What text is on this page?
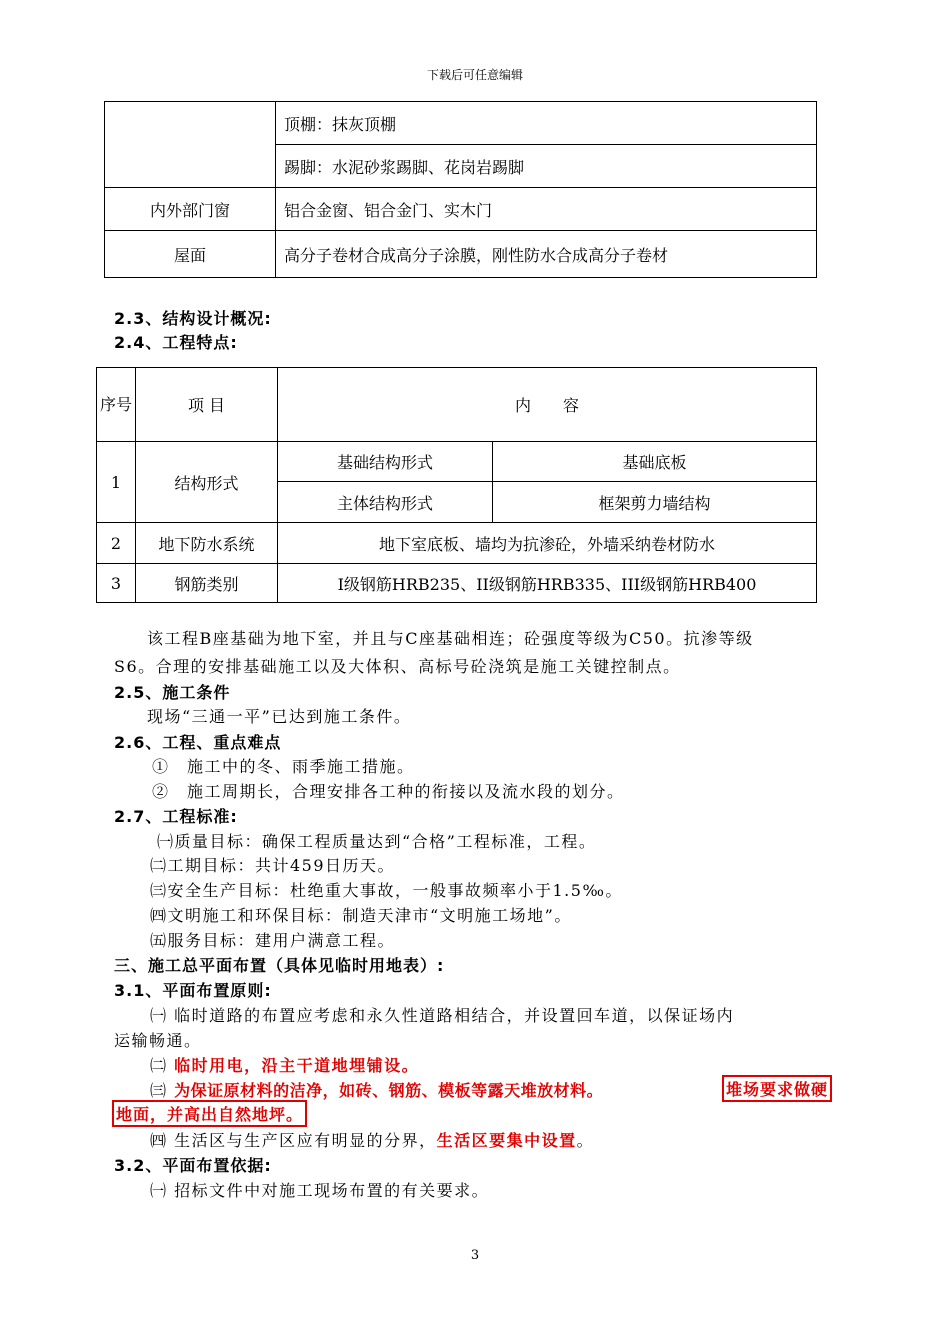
下载后可任意编辑
	顶棚：抹灰顶棚
	踢脚：水泥砂浆踢脚、花岗岩踢脚
内外部门窗	铝合金窗、铝合金门、实木门
屋面	高分子卷材合成高分子涂膜，刚性防水合成高分子卷材
2.3、结构设计概况:
2.4、工程特点:
序号	项 目	内　　容	
1	结构形式	基础结构形式	基础底板
		主体结构形式	框架剪力墙结构
2	地下防水系统	地下室底板、墙均为抗渗砼，外墙采纳卷材防水	
3	钢筋类别	I级钢筋HRB235、II级钢筋HRB335、III级钢筋HRB400	
该工程B座基础为地下室，并且与C座基础相连；砼强度等级为C50。抗渗等级
S6。合理的安排基础施工以及大体积、高标号砼浇筑是施工关键控制点。
2.5、施工条件
现场“三通一平”已达到施工条件。
2.6、工程、重点难点
①　施工中的冬、雨季施工措施。
②　施工周期长，合理安排各工种的衔接以及流水段的划分。
2.7、工程标准:
㈠质量目标：确保工程质量达到“合格”工程标准，工程。
㈡工期目标：共计459日历天。
㈢安全生产目标：杜绝重大事故，一般事故频率小于1.5‰。
㈣文明施工和环保目标：制造天津市“文明施工场地”。
㈤服务目标：建用户满意工程。
三、施工总平面布置（具体见临时用地表）:
3.1、平面布置原则:
㈠ 临时道路的布置应考虑和永久性道路相结合，并设置回车道，以保证场内
运输畅通。
㈡ 临时用电，沿主干道地埋铺设。
㈢ 为保证原材料的洁净，如砖、钢筋、模板等露天堆放材料。	堆场要求做硬
地面，并高出自然地坪。
㈣ 生活区与生产区应有明显的分界，生活区要集中设置。
3.2、平面布置依据:
㈠ 招标文件中对施工现场布置的有关要求。
3
